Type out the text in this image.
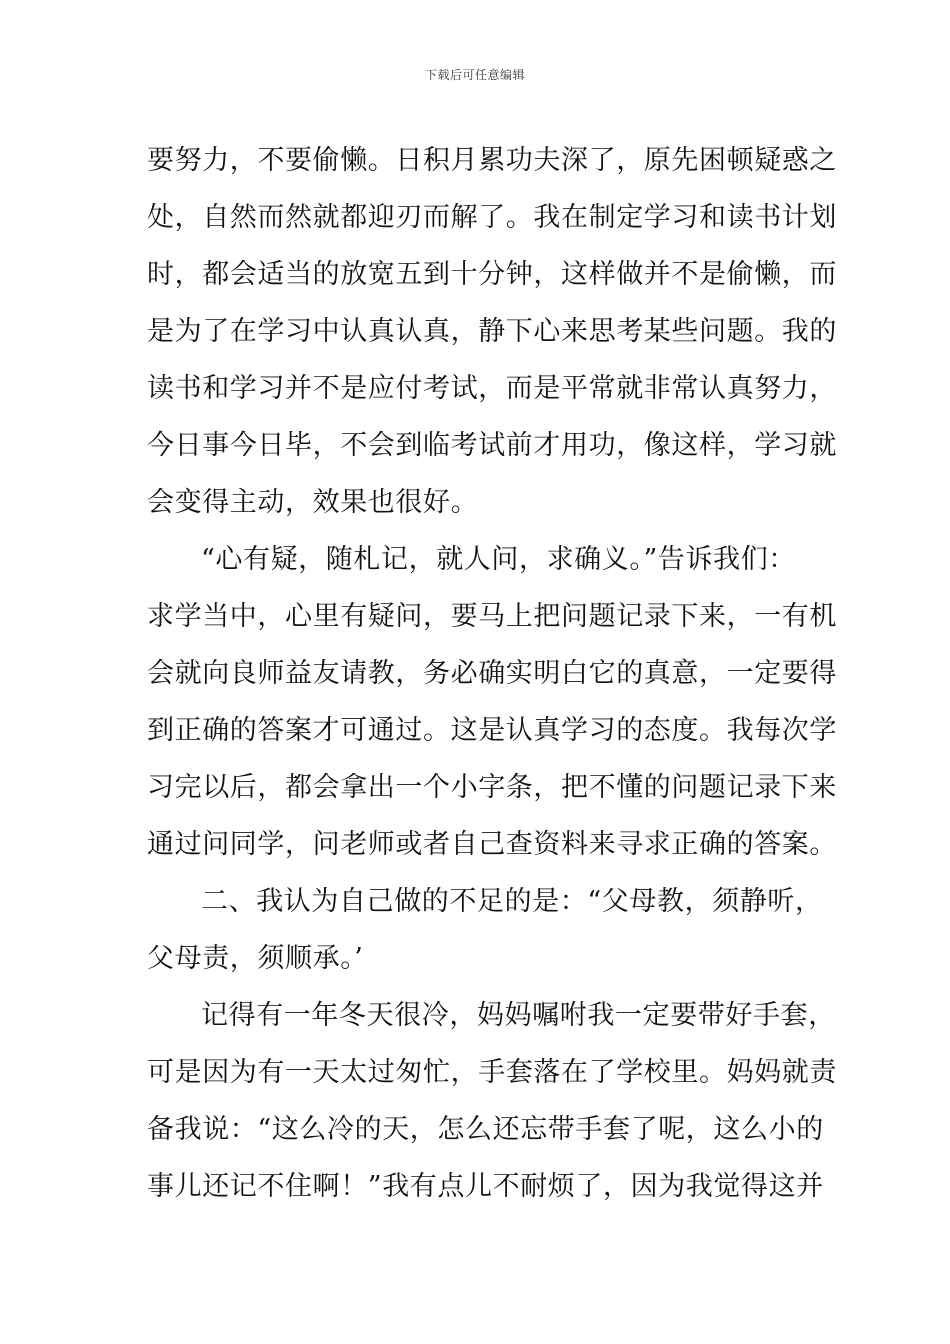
下载后可任意编辑
要努力，不要偷懒。日积月累功夫深了，原先困顿疑惑之
处，自然而然就都迎刃而解了。我在制定学习和读书计划
时，都会适当的放宽五到十分钟，这样做并不是偷懒，而
是为了在学习中认真认真，静下心来思考某些问题。我的
读书和学习并不是应付考试，而是平常就非常认真努力，
今日事今日毕，不会到临考试前才用功，像这样，学习就
会变得主动，效果也很好。
“心有疑，随札记，就人问，求确义。”告诉我们：
求学当中，心里有疑问，要马上把问题记录下来，一有机
会就向良师益友请教，务必确实明白它的真意，一定要得
到正确的答案才可通过。这是认真学习的态度。我每次学
习完以后，都会拿出一个小字条，把不懂的问题记录下来
通过问同学，问老师或者自己查资料来寻求正确的答案。
二、我认为自己做的不足的是：“父母教，须静听，
父母责，须顺承。’
记得有一年冬天很冷，妈妈嘱咐我一定要带好手套，
可是因为有一天太过匆忙，手套落在了学校里。妈妈就责
备我说：“这么冷的天，怎么还忘带手套了呢，这么小的
事儿还记不住啊！”我有点儿不耐烦了，因为我觉得这并
